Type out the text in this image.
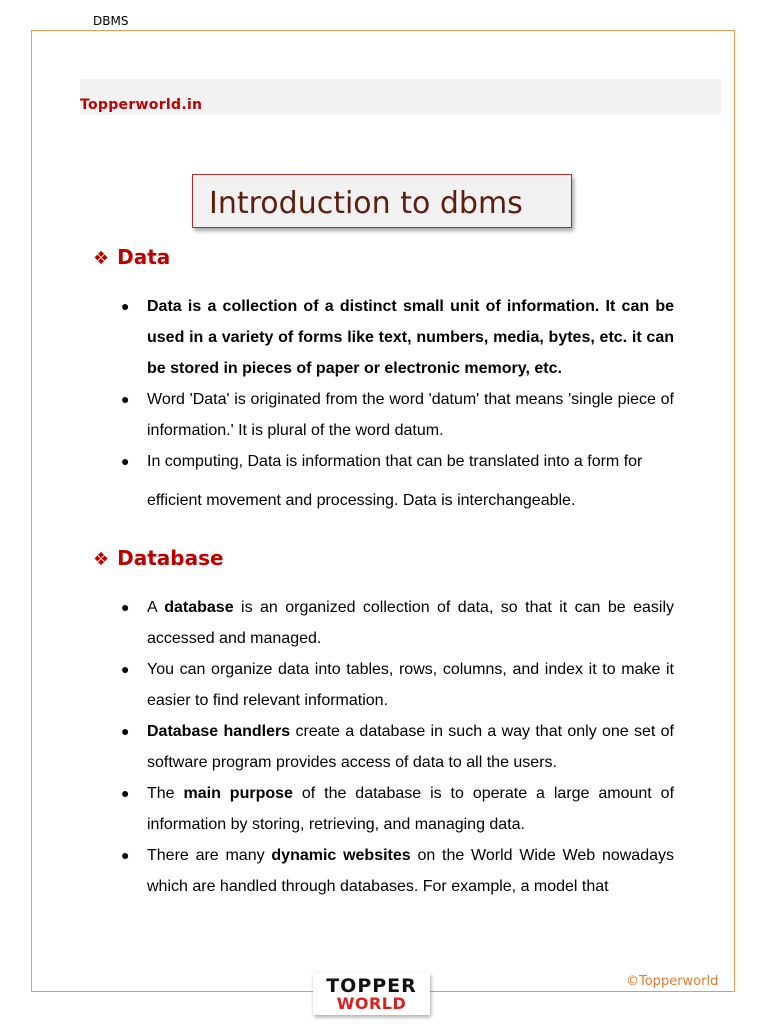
DBMS
Topperworld.in
Introduction to dbms
❖ Data
● Data is a collection of a distinct small unit of information. It can be used in a variety of forms like text, numbers, media, bytes, etc. it can be stored in pieces of paper or electronic memory, etc.
● Word 'Data' is originated from the word 'datum' that means 'single piece of information.' It is plural of the word datum.
● In computing, Data is information that can be translated into a form for
efficient movement and processing. Data is interchangeable.
❖ Database
● A database is an organized collection of data, so that it can be easily accessed and managed.
● You can organize data into tables, rows, columns, and index it to make it easier to find relevant information.
● Database handlers create a database in such a way that only one set of software program provides access of data to all the users.
● The main purpose of the database is to operate a large amount of information by storing, retrieving, and managing data.
● There are many dynamic websites on the World Wide Web nowadays which are handled through databases. For example, a model that
TOPPER
WORLD
©Topperworld
